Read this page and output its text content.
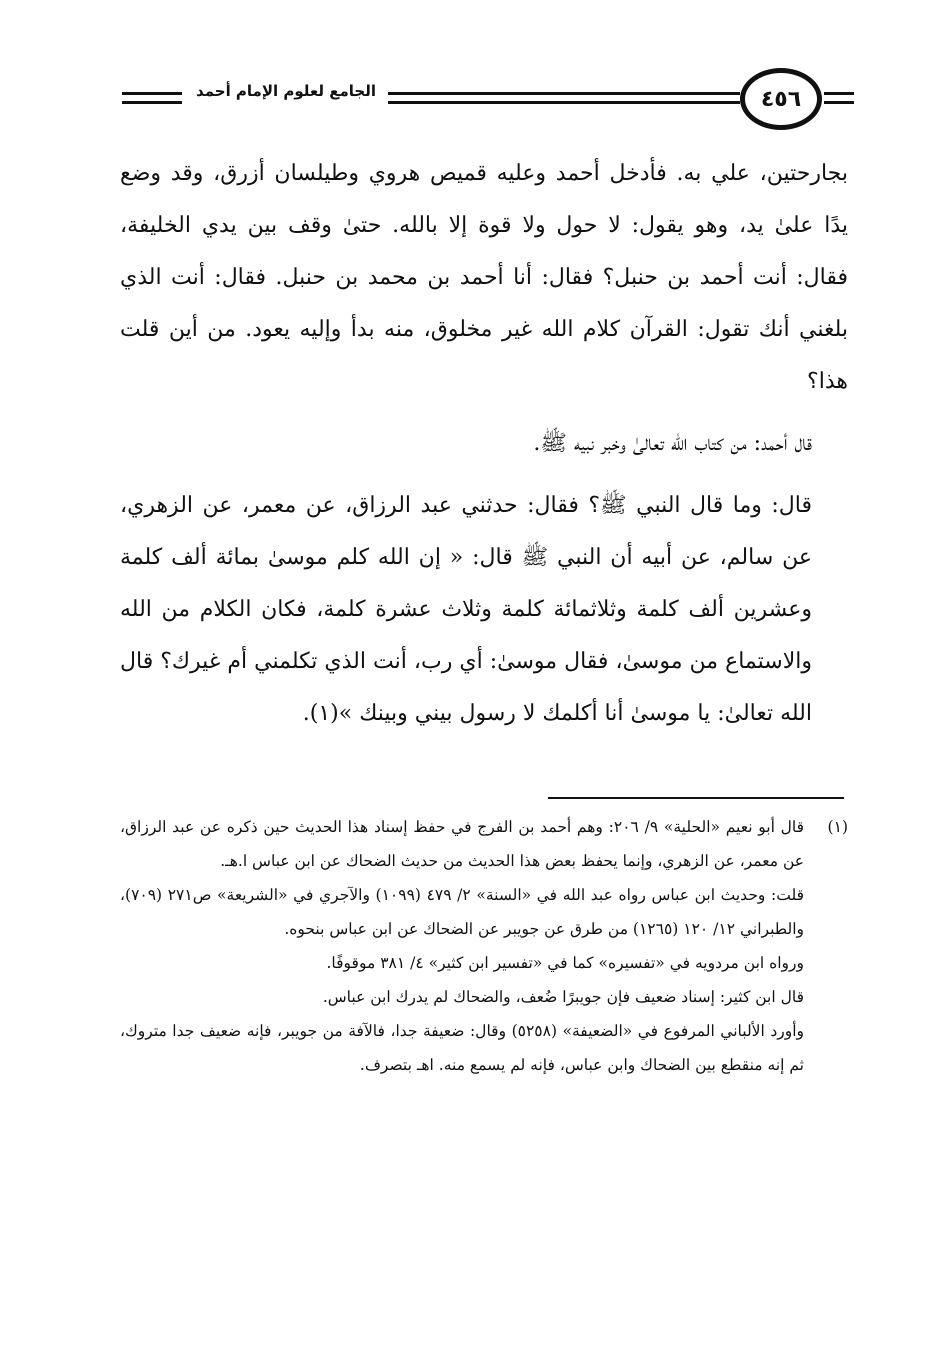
٤٥٦
الجامع لعلوم الإمام أحمد

بجارحتين، علي به. فأدخل أحمد وعليه قميص هروي وطيلسان أزرق، وقد وضع يدًا علىٰ يد، وهو يقول: لا حول ولا قوة إلا بالله. حتىٰ وقف بين يدي الخليفة، فقال: أنت أحمد بن حنبل؟ فقال: أنا أحمد بن محمد بن حنبل. فقال: أنت الذي بلغني أنك تقول: القرآن كلام الله غير مخلوق، منه بدأ وإليه يعود. من أين قلت هذا؟

قال أحمد: من كتاب الله تعالىٰ وخبر نبيه ﷺ.

قال: وما قال النبي ﷺ؟ فقال: حدثني عبد الرزاق، عن معمر، عن الزهري، عن سالم، عن أبيه أن النبي ﷺ قال: « إن الله كلم موسىٰ بمائة ألف كلمة وعشرين ألف كلمة وثلاثمائة كلمة وثلاث عشرة كلمة، فكان الكلام من الله والاستماع من موسىٰ، فقال موسىٰ: أي رب، أنت الذي تكلمني أم غيرك؟ قال الله تعالىٰ: يا موسىٰ أنا أكلمك لا رسول بيني وبينك »(١).

(١)
قال أبو نعيم «الحلية» ٩/ ٢٠٦: وهم أحمد بن الفرج في حفظ إسناد هذا الحديث حين ذكره عن عبد الرزاق، عن معمر، عن الزهري، وإنما يحفظ بعض هذا الحديث من حديث الضحاك عن ابن عباس ا.هـ.

قلت: وحديث ابن عباس رواه عبد الله في «السنة» ٢/ ٤٧٩ (١٠٩٩) والآجري في «الشريعة» ص٢٧١ (٧٠٩)، والطبراني ١٢/ ١٢٠ (١٢٦٥) من طرق عن جويبر عن الضحاك عن ابن عباس بنحوه.

ورواه ابن مردويه في «تفسيره» كما في «تفسير ابن كثير» ٤/ ٣٨١ موقوفًا.

قال ابن كثير: إسناد ضعيف فإن جويبرًا ضُعف، والضحاك لم يدرك ابن عباس.

وأورد الألباني المرفوع في «الضعيفة» (٥٢٥٨) وقال: ضعيفة جدا، فالآفة من جويبر، فإنه ضعيف جدا متروك، ثم إنه منقطع بين الضحاك وابن عباس، فإنه لم يسمع منه. اهـ بتصرف.
